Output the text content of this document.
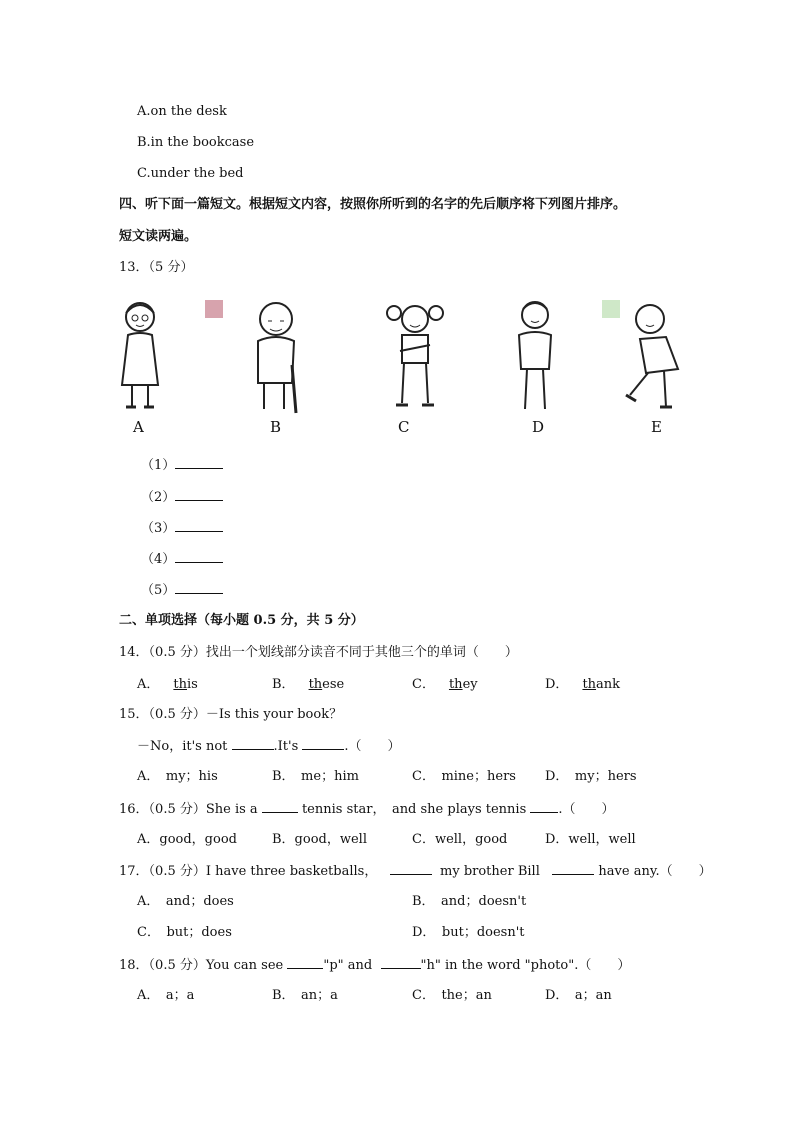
A.on the desk
B.in the bookcase
C.under the bed
四、听下面一篇短文。根据短文内容，按照你所听到的名字的先后顺序将下列图片排序。
短文读两遍。
13．（5 分）
A	B	C	D	E
（1）
（2）
（3）
（4）
（5）
二、单项选择（每小题 0.5 分，共 5 分）
14．（0.5 分）找出一个划线部分读音不同于其他三个的单词（　　）
A． this	B． these	C． they	D． thank
15．（0.5 分）－Is this your book？
－No，it's not	.It's	.（　　）
A．　my；his	B．　me；him	C．　mine；hers D．　my；hers
16．（0.5 分）She is a	tennis star，　and she plays tennis .（　　）
A．good，good	B．good，well	C．well，good	D．well，well
17．（0.5 分）I have three basketballs，	my brother Bill	have any.（　　）
A．　and；does	B．　and；doesn't
C．　but；does	D．　but；doesn't
18．（0.5 分）You can see	"p" and	"h" in the word "photo".（　　）
A．　a；a	B．　an；a	C．　the；an	D．　a；an
